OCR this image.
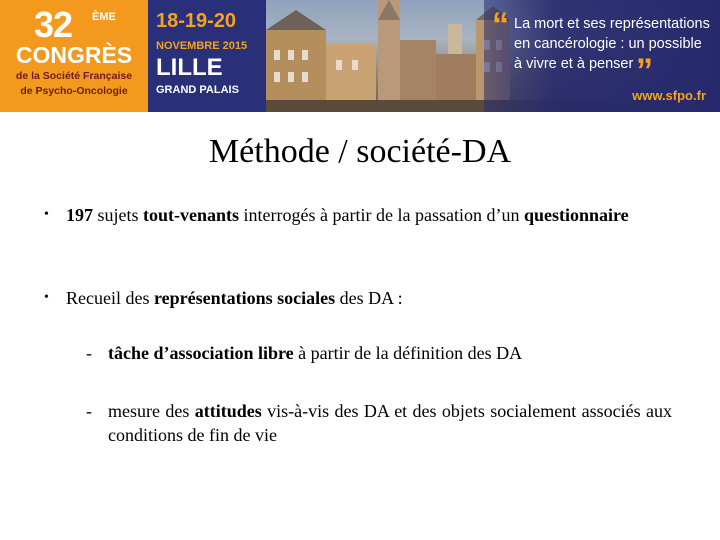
32 ÈME
CONGRÈS
de la Société Française
de Psycho-Oncologie
18-19-20
NOVEMBRE 2015
LILLE
GRAND PALAIS
“ La mort et ses représentations
en cancérologie : un possible
à vivre et à penser ”
www.sfpo.fr
Méthode / société-DA
• 197 sujets tout-venants interrogés à partir de la passation d’un questionnaire
• Recueil des représentations sociales des DA :
- tâche d’association libre à partir de la définition des DA
- mesure des attitudes vis-à-vis des DA et des objets socialement associés aux conditions de fin de vie
